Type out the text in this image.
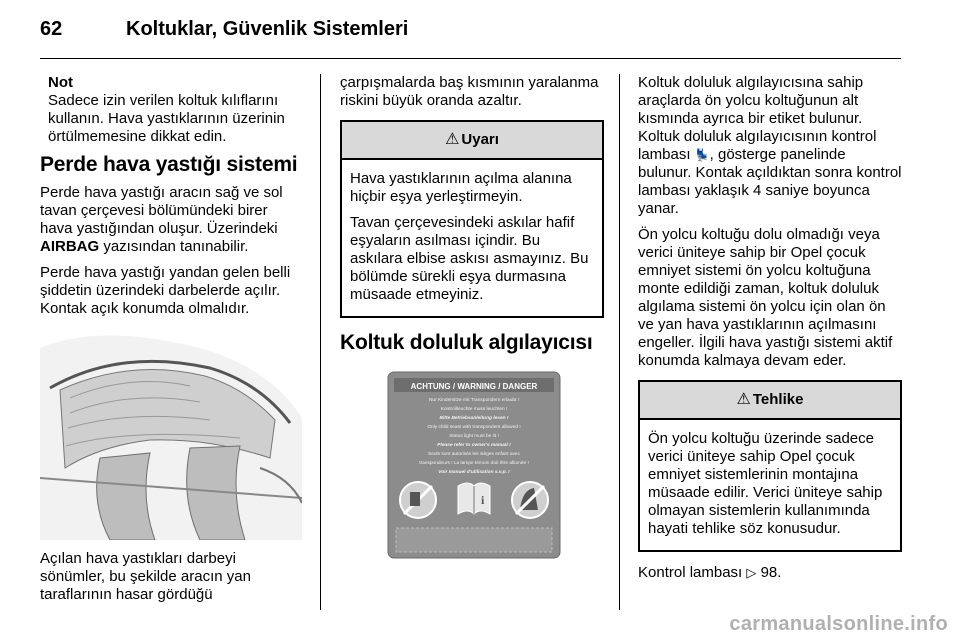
62	Koltuklar, Güvenlik Sistemleri
Not
Sadece izin verilen koltuk kılıflarını kullanın. Hava yastıklarının üzerinin örtülmemesine dikkat edin.
Perde hava yastığı sistemi

Perde hava yastığı aracın sağ ve sol tavan çerçevesi bölümündeki birer hava yastığından oluşur. Üzerindeki AIRBAG yazısından tanınabilir.

Perde hava yastığı yandan gelen belli şiddetin üzerindeki darbelerde açılır. Kontak açık konumda olmalıdır.

Açılan hava yastıkları darbeyi sönümler, bu şekilde aracın yan taraflarının hasar gördüğü

çarpışmalarda baş kısmının yaralanma riskini büyük oranda azaltır.

⚠ Uyarı

Hava yastıklarının açılma alanına hiçbir eşya yerleştirmeyin.

Tavan çerçevesindeki askılar hafif eşyaların asılması içindir. Bu askılara elbise askısı asmayınız. Bu bölümde sürekli eşya durmasına müsaade etmeyiniz.

Koltuk doluluk algılayıcısı
ACHTUNG / WARNING / DANGER
Nur Kindersitze mit Transpondern erlaubt !
Kontrollleuchte muss leuchten !
Bitte Betriebsanleitung lesen !
Only child seats with transponders allowed !
Status light must be lit !
Please refer to owner's manual !
Seuls sont autorisés les sièges enfant avec
transpondeurs ! La lampe témoin doit être allumée !
Voir manuel d'utilisation s.v.p. !
i

Koltuk doluluk algılayıcısına sahip araçlarda ön yolcu koltuğunun alt kısmında ayrıca bir etiket bulunur. Koltuk doluluk algılayıcısının kontrol lambası 💺, gösterge panelinde bulunur. Kontak açıldıktan sonra kontrol lambası yaklaşık 4 saniye boyunca yanar.

Ön yolcu koltuğu dolu olmadığı veya verici üniteye sahip bir Opel çocuk emniyet sistemi ön yolcu koltuğuna monte edildiği zaman, koltuk doluluk algılama sistemi ön yolcu için olan ön ve yan hava yastıklarının açılmasını engeller. İlgili hava yastığı sistemi aktif konumda kalmaya devam eder.

⚠ Tehlike

Ön yolcu koltuğu üzerinde sadece verici üniteye sahip Opel çocuk emniyet sistemlerinin montajına müsaade edilir. Verici üniteye sahip olmayan sistemlerin kullanımında hayati tehlike söz konusudur.

Kontrol lambası ▷ 98.

carmanualsonline.info
